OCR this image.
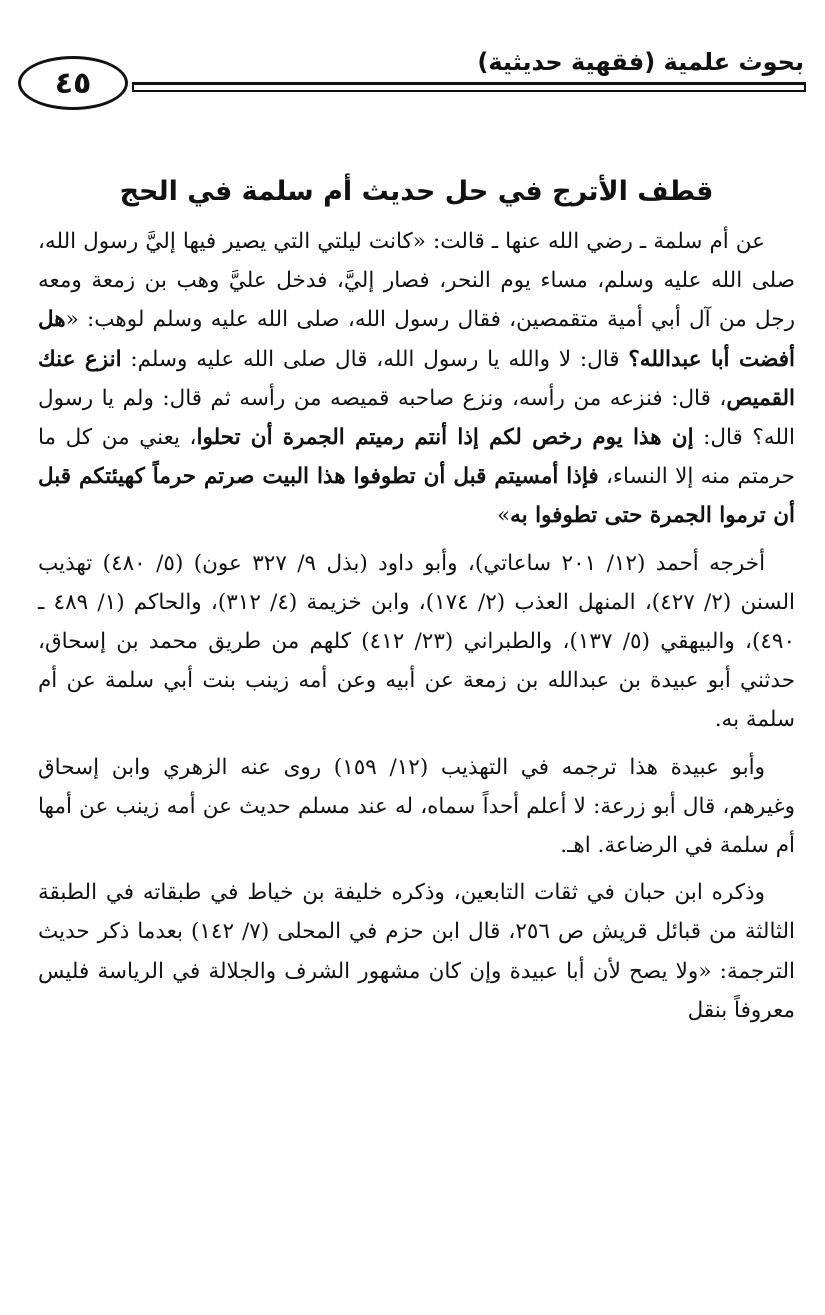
بحوث علمية (فقهية حديثية)
٤٥
قطف الأترج في حل حديث أم سلمة في الحج

عن أم سلمة ـ رضي الله عنها ـ قالت: «كانت ليلتي التي يصير فيها إليَّ رسول الله، صلى الله عليه وسلم، مساء يوم النحر، فصار إليَّ، فدخل عليَّ وهب بن زمعة ومعه رجل من آل أبي أمية متقمصين، فقال رسول الله، صلى الله عليه وسلم لوهب: «هل أفضت أبا عبدالله؟ قال: لا والله يا رسول الله، قال صلى الله عليه وسلم: انزع عنك القميص، قال: فنزعه من رأسه، ونزع صاحبه قميصه من رأسه ثم قال: ولم يا رسول الله؟ قال: إن هذا يوم رخص لكم إذا أنتم رميتم الجمرة أن تحلوا، يعني من كل ما حرمتم منه إلا النساء، فإذا أمسيتم قبل أن تطوفوا هذا البيت صرتم حرماً كهيئتكم قبل أن ترموا الجمرة حتى تطوفوا به»

أخرجه أحمد (١٢/ ٢٠١ ساعاتي)، وأبو داود (بذل ٩/ ٣٢٧ عون) (٥/ ٤٨٠) تهذيب السنن (٢/ ٤٢٧)، المنهل العذب (٢/ ١٧٤)، وابن خزيمة (٤/ ٣١٢)، والحاكم (١/ ٤٨٩ ـ ٤٩٠)، والبيهقي (٥/ ١٣٧)، والطبراني (٢٣/ ٤١٢) كلهم من طريق محمد بن إسحاق، حدثني أبو عبيدة بن عبدالله بن زمعة عن أبيه وعن أمه زينب بنت أبي سلمة عن أم سلمة به.

وأبو عبيدة هذا ترجمه في التهذيب (١٢/ ١٥٩) روى عنه الزهري وابن إسحاق وغيرهم، قال أبو زرعة: لا أعلم أحداً سماه، له عند مسلم حديث عن أمه زينب عن أمها أم سلمة في الرضاعة. اهـ.

وذكره ابن حبان في ثقات التابعين، وذكره خليفة بن خياط في طبقاته في الطبقة الثالثة من قبائل قريش ص ٢٥٦، قال ابن حزم في المحلى (٧/ ١٤٢) بعدما ذكر حديث الترجمة: «ولا يصح لأن أبا عبيدة وإن كان مشهور الشرف والجلالة في الرياسة فليس معروفاً بنقل
